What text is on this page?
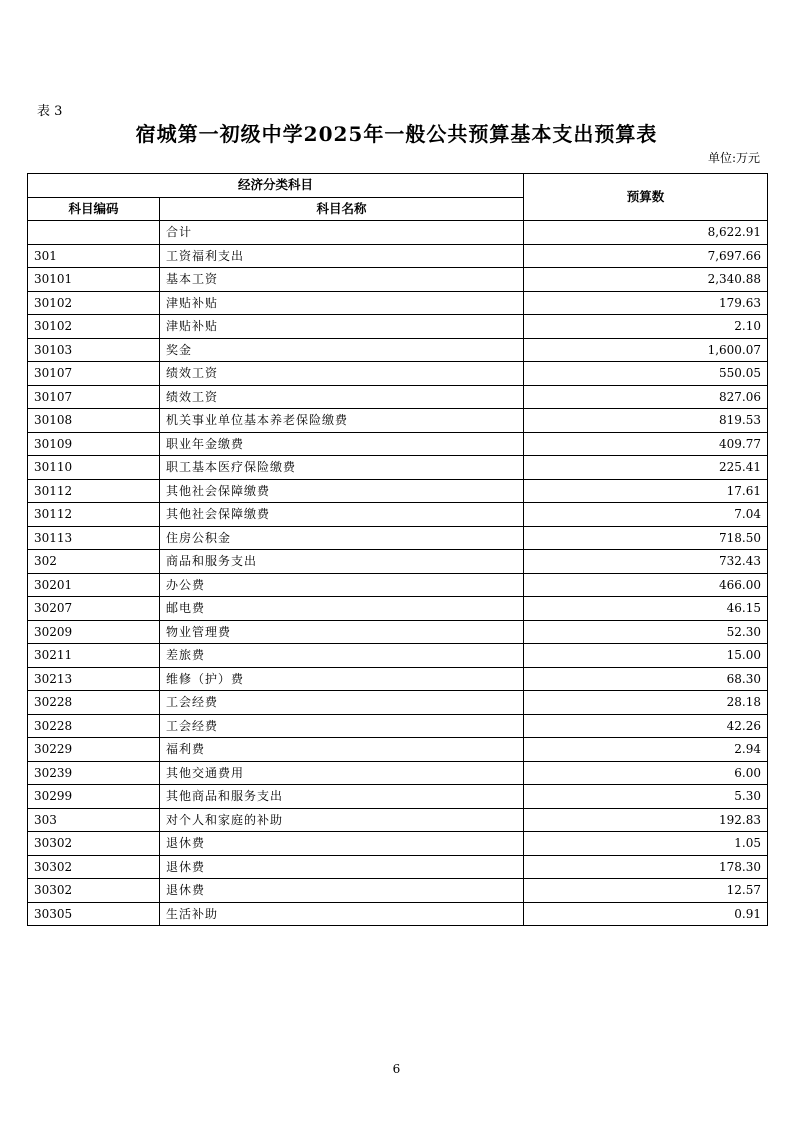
表 3
宿城第一初级中学2025年一般公共预算基本支出预算表
单位:万元
经济分类科目		预算数
科目编码	科目名称	
	合计	8,622.91
301	工资福利支出	7,697.66
30101	基本工资	2,340.88
30102	津贴补贴	179.63
30102	津贴补贴	2.10
30103	奖金	1,600.07
30107	绩效工资	550.05
30107	绩效工资	827.06
30108	机关事业单位基本养老保险缴费	819.53
30109	职业年金缴费	409.77
30110	职工基本医疗保险缴费	225.41
30112	其他社会保障缴费	17.61
30112	其他社会保障缴费	7.04
30113	住房公积金	718.50
302	商品和服务支出	732.43
30201	办公费	466.00
30207	邮电费	46.15
30209	物业管理费	52.30
30211	差旅费	15.00
30213	维修（护）费	68.30
30228	工会经费	28.18
30228	工会经费	42.26
30229	福利费	2.94
30239	其他交通费用	6.00
30299	其他商品和服务支出	5.30
303	对个人和家庭的补助	192.83
30302	退休费	1.05
30302	退休费	178.30
30302	退休费	12.57
30305	生活补助	0.91
6
